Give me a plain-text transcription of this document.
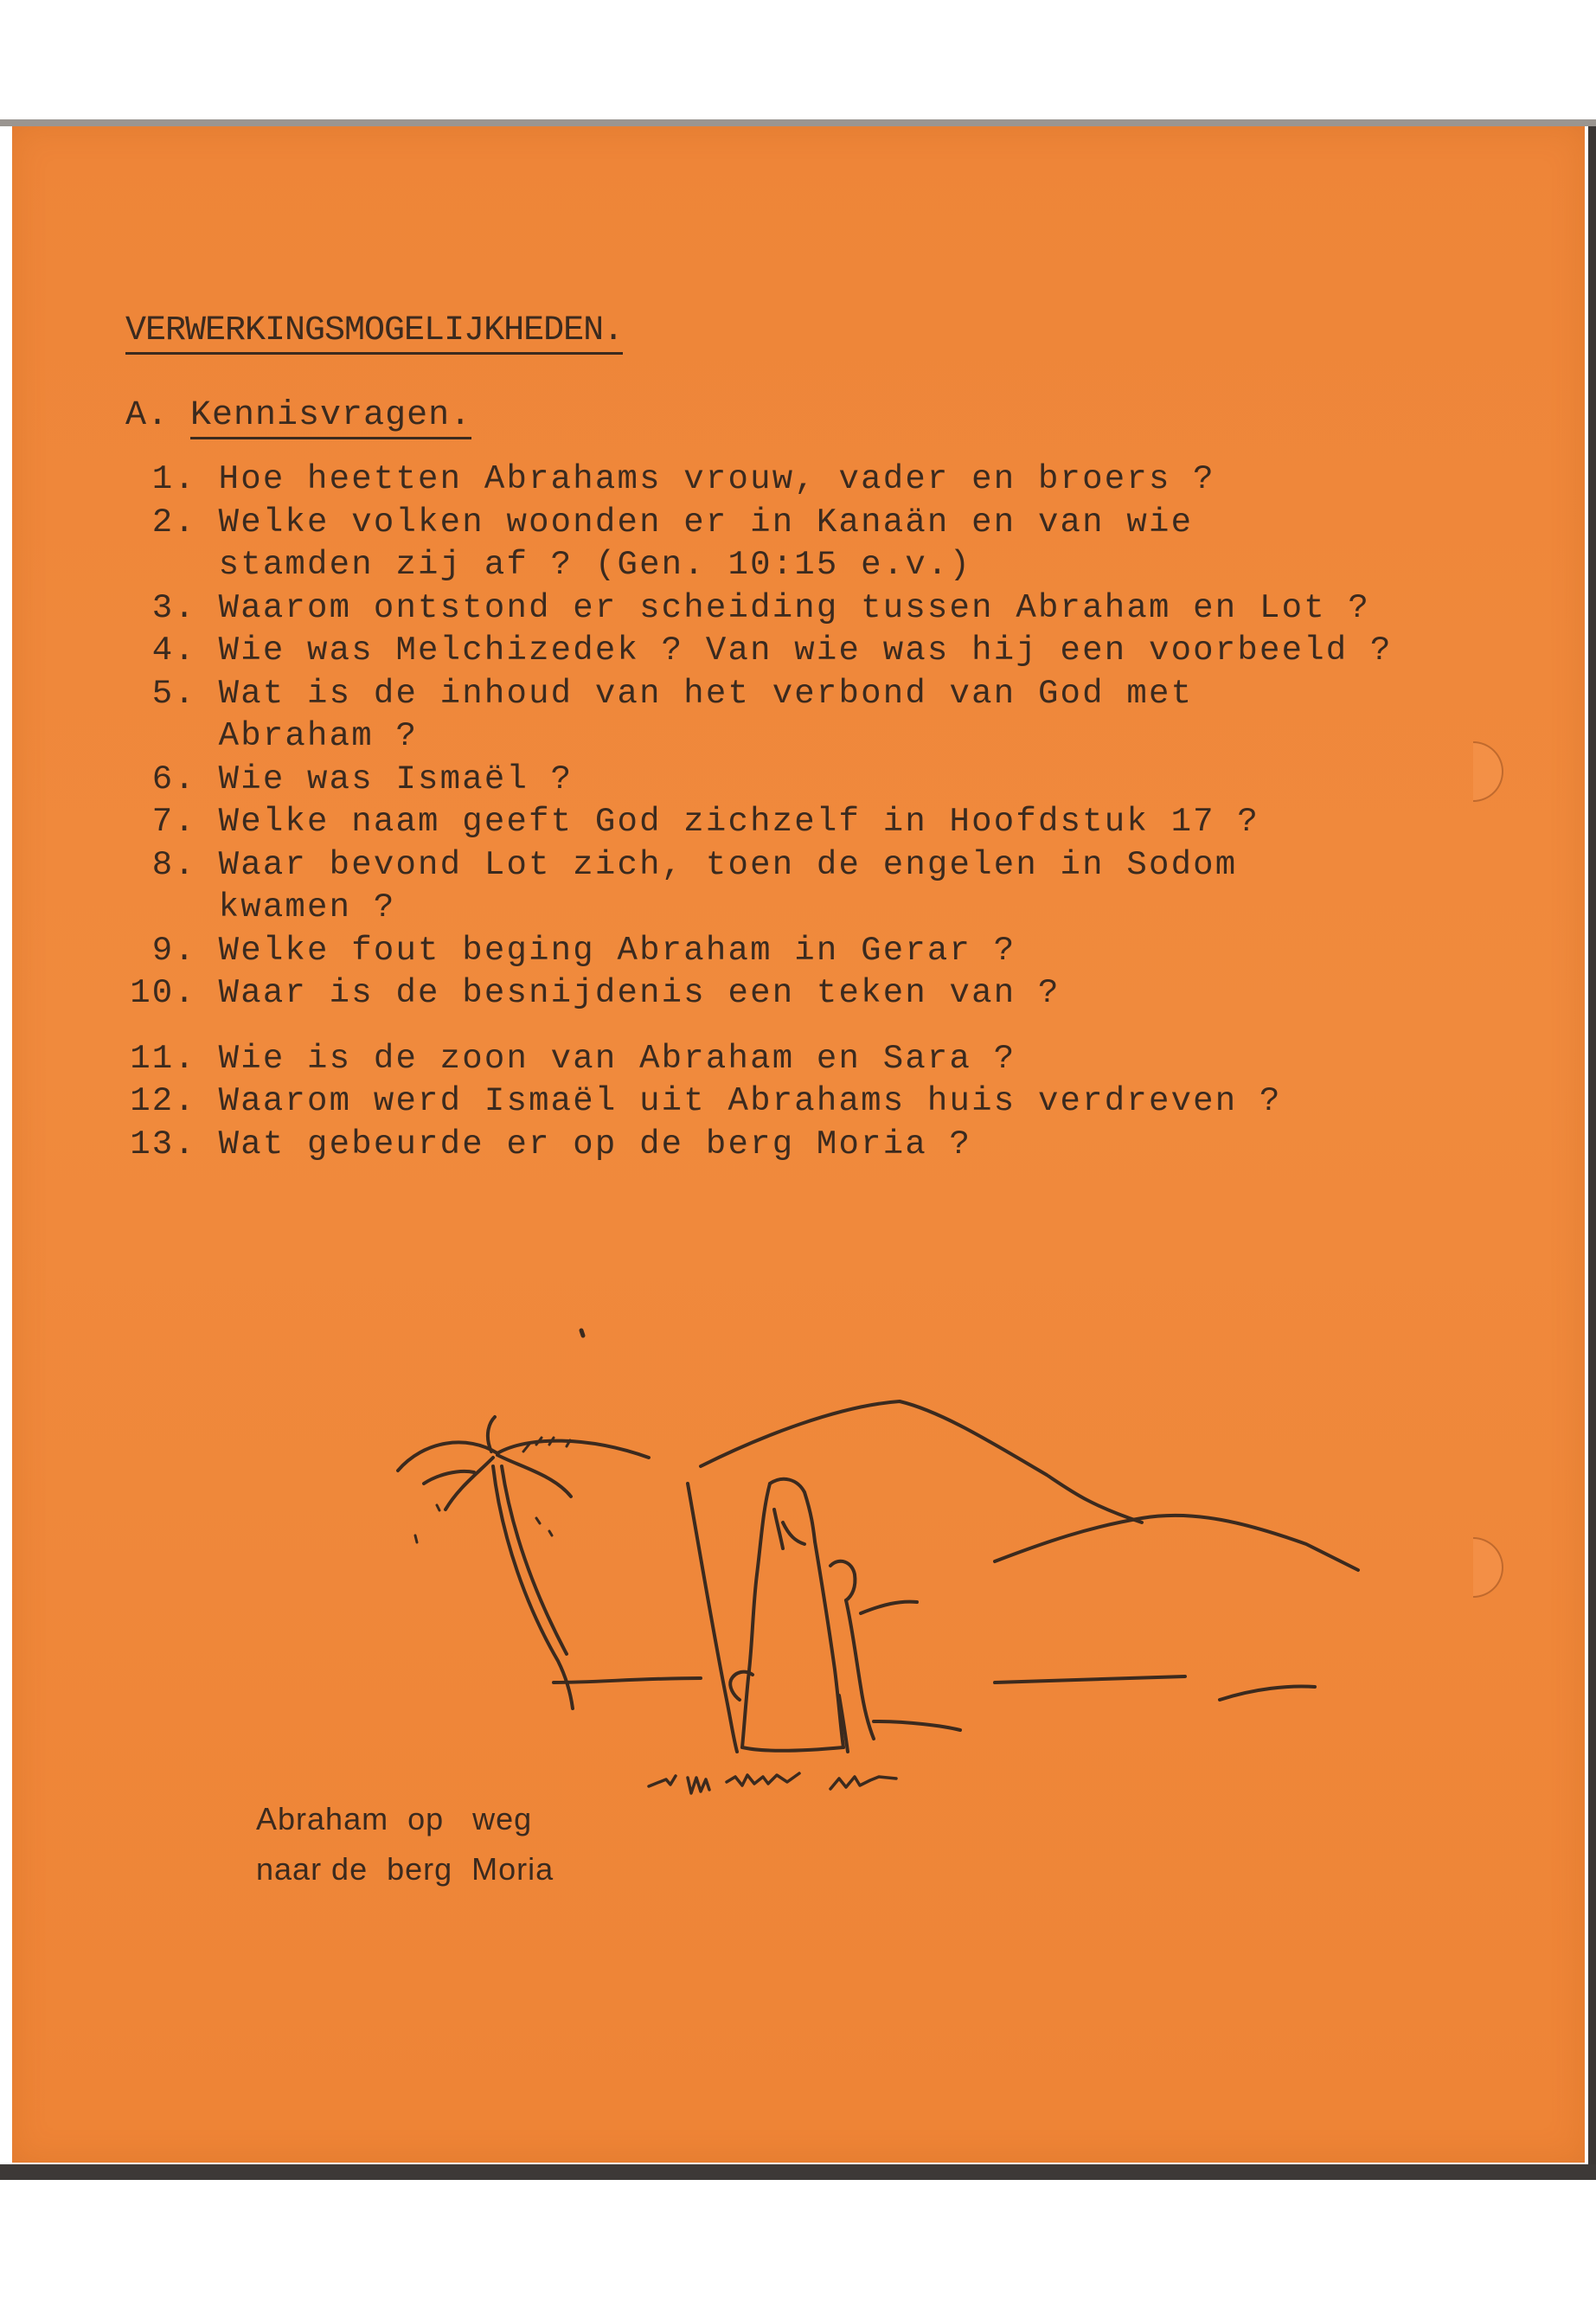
VERWERKINGSMOGELIJKHEDEN.
A. Kennisvragen.
1. Hoe heetten Abrahams vrouw, vader en broers ?
2. Welke volken woonden er in Kanaän en van wie
stamden zij af ? (Gen. 10:15 e.v.)
3. Waarom ontstond er scheiding tussen Abraham en Lot ?
4. Wie was Melchizedek ? Van wie was hij een voorbeeld ?
5. Wat is de inhoud van het verbond van God met
Abraham ?
6. Wie was Ismaël ?
7. Welke naam geeft God zichzelf in Hoofdstuk 17 ?
8. Waar bevond Lot zich, toen de engelen in Sodom
kwamen ?
9. Welke fout beging Abraham in Gerar ?
10. Waar is de besnijdenis een teken van ?
11. Wie is de zoon van Abraham en Sara ?
12. Waarom werd Ismaël uit Abrahams huis verdreven ?
13. Wat gebeurde er op de berg Moria ?
Abraham  op   weg
naar de  berg  Moria
